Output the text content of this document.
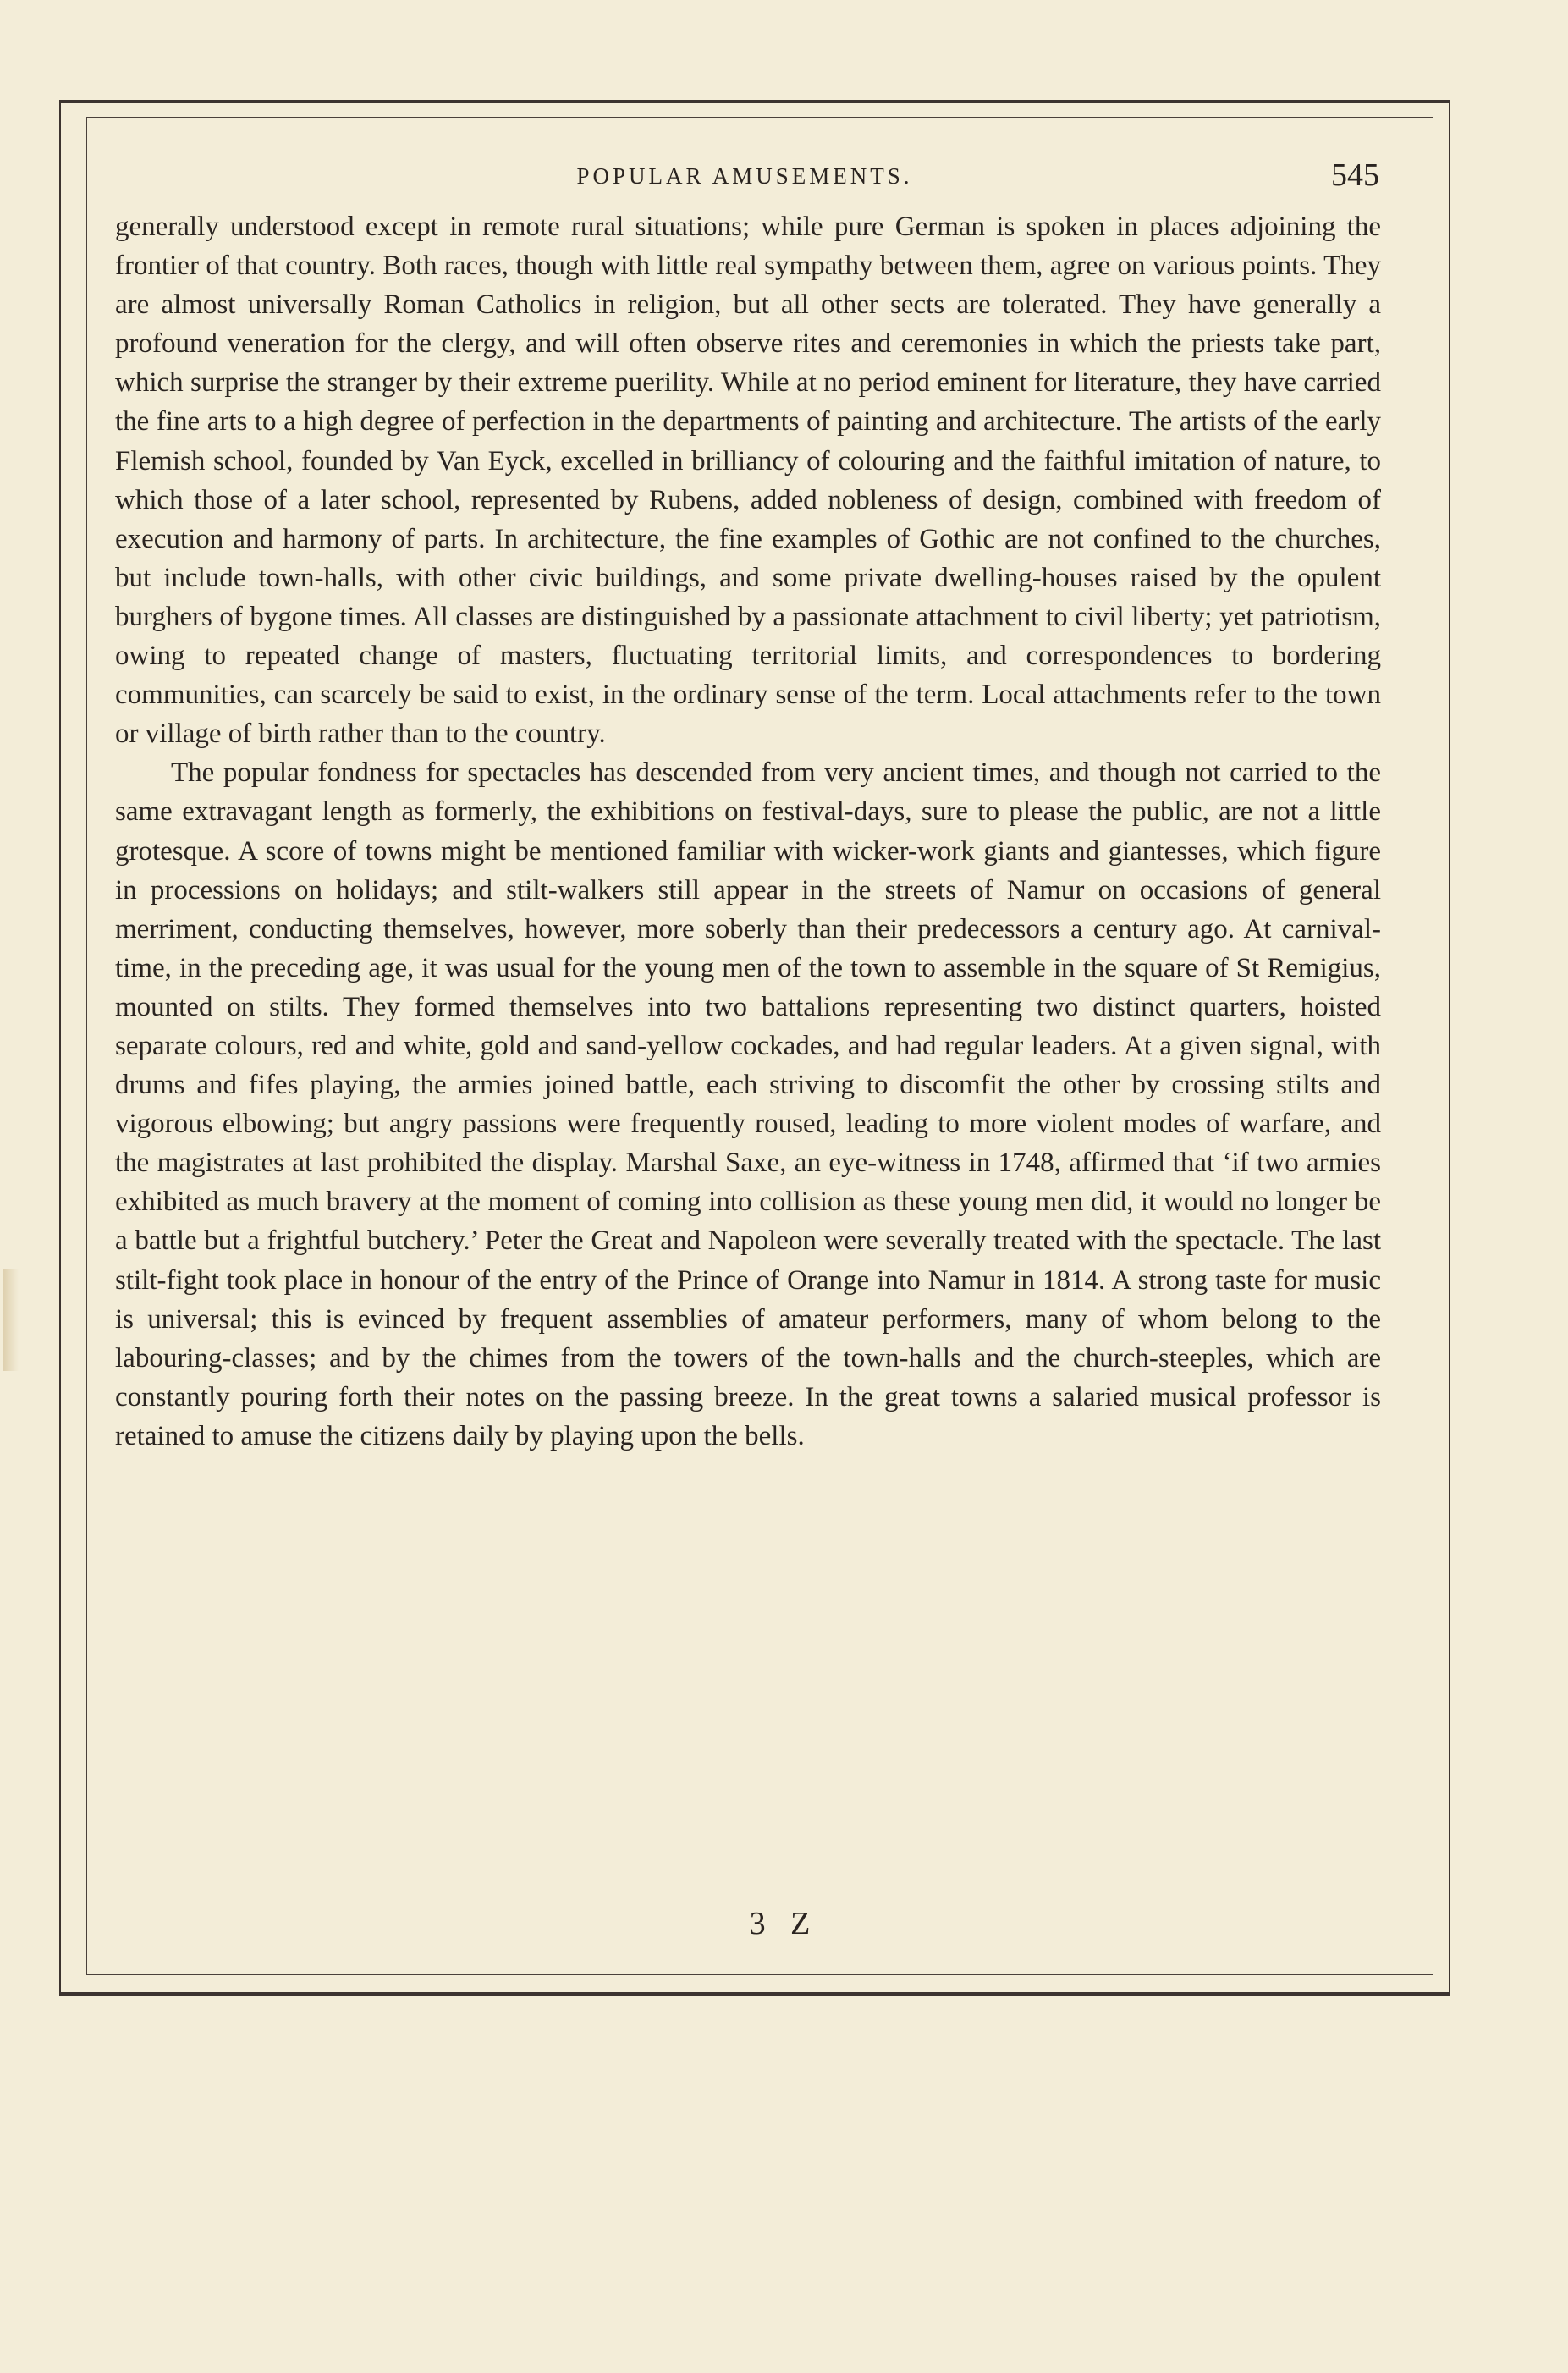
POPULAR AMUSEMENTS.	545

generally understood except in remote rural situations; while pure German is spoken in places adjoining the frontier of that country. Both races, though with little real sympathy between them, agree on various points. They are almost universally Roman Catholics in religion, but all other sects are tolerated. They have generally a profound veneration for the clergy, and will often observe rites and ceremonies in which the priests take part, which surprise the stranger by their extreme puerility. While at no period eminent for literature, they have carried the fine arts to a high degree of perfection in the departments of painting and architecture. The artists of the early Flemish school, founded by Van Eyck, excelled in brilliancy of colouring and the faithful imitation of nature, to which those of a later school, represented by Rubens, added nobleness of design, combined with freedom of execution and harmony of parts. In architecture, the fine examples of Gothic are not confined to the churches, but include town-halls, with other civic buildings, and some private dwelling-houses raised by the opulent burghers of bygone times. All classes are distinguished by a passionate attachment to civil liberty; yet patriotism, owing to repeated change of masters, fluctuating territorial limits, and correspondences to bordering communities, can scarcely be said to exist, in the ordinary sense of the term. Local attachments refer to the town or village of birth rather than to the country.

The popular fondness for spectacles has descended from very ancient times, and though not carried to the same extravagant length as formerly, the exhibitions on festival-days, sure to please the public, are not a little grotesque. A score of towns might be mentioned familiar with wicker-work giants and giantesses, which figure in processions on holidays; and stilt-walkers still appear in the streets of Namur on occasions of general merriment, conducting themselves, however, more soberly than their predecessors a century ago. At carnival-time, in the preceding age, it was usual for the young men of the town to assemble in the square of St Remigius, mounted on stilts. They formed themselves into two battalions representing two distinct quarters, hoisted separate colours, red and white, gold and sand-yellow cockades, and had regular leaders. At a given signal, with drums and fifes playing, the armies joined battle, each striving to discomfit the other by crossing stilts and vigorous elbowing; but angry passions were frequently roused, leading to more violent modes of warfare, and the magistrates at last prohibited the display. Marshal Saxe, an eye-witness in 1748, affirmed that ‘if two armies exhibited as much bravery at the moment of coming into collision as these young men did, it would no longer be a battle but a frightful butchery.’ Peter the Great and Napoleon were severally treated with the spectacle. The last stilt-fight took place in honour of the entry of the Prince of Orange into Namur in 1814. A strong taste for music is universal; this is evinced by frequent assemblies of amateur performers, many of whom belong to the labouring-classes; and by the chimes from the towers of the town-halls and the church-steeples, which are constantly pouring forth their notes on the passing breeze. In the great towns a salaried musical professor is retained to amuse the citizens daily by playing upon the bells.

3 Z
